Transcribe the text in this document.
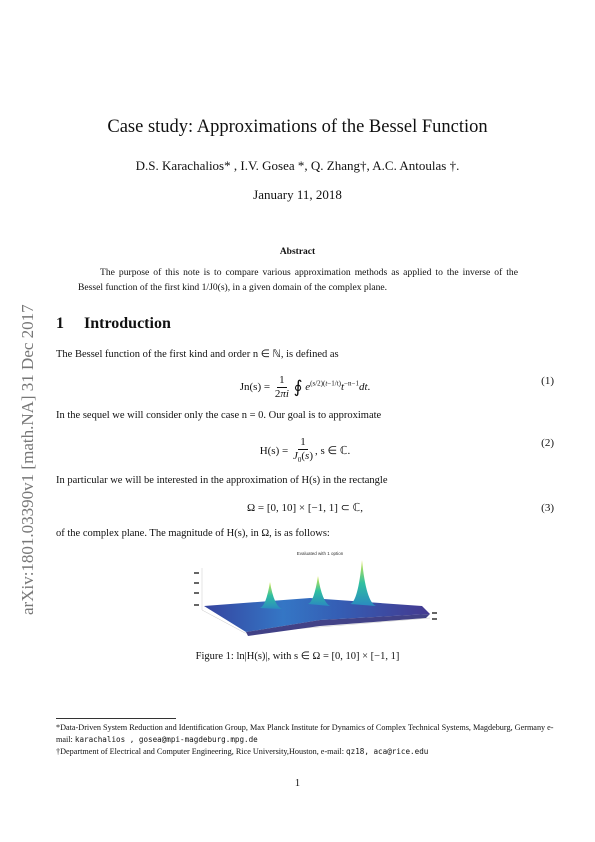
arXiv:1801.03390v1 [math.NA] 31 Dec 2017
Case study: Approximations of the Bessel Function
D.S. Karachalios* , I.V. Gosea *, Q. Zhang†, A.C. Antoulas †.
January 11, 2018
Abstract
The purpose of this note is to compare various approximation methods as applied to the inverse of the Bessel function of the first kind 1/J0(s), in a given domain of the complex plane.
1 Introduction
The Bessel function of the first kind and order n ∈ ℕ, is defined as
$Jn(s) = \frac{1}{2\pi i}$ ∮ $e^{(s/2)(t-1/t)}t^{-n-1}dt$.
(1)
In the sequel we will consider only the case n = 0. Our goal is to approximate
$H(s) = \frac{1}{J_0(s)}$ , s ∈ ℂ.
(2)
In particular we will be interested in the approximation of H(s) in the rectangle
Ω = [0, 10] × [−1, 1] ⊂ ℂ,	(3)
of the complex plane. The magnitude of H(s), in Ω, is as follows:
Evaluated with 1 option
Figure 1: ln|H(s)|, with s ∈ Ω = [0, 10] × [−1, 1]
*Data-Driven System Reduction and Identification Group, Max Planck Institute for Dynamics of Complex Technical Systems, Magdeburg, Germany e-mail: karachalios , gosea@mpi-magdeburg.mpg.de
†Department of Electrical and Computer Engineering, Rice University,Houston, e-mail: qz18, aca@rice.edu
1
